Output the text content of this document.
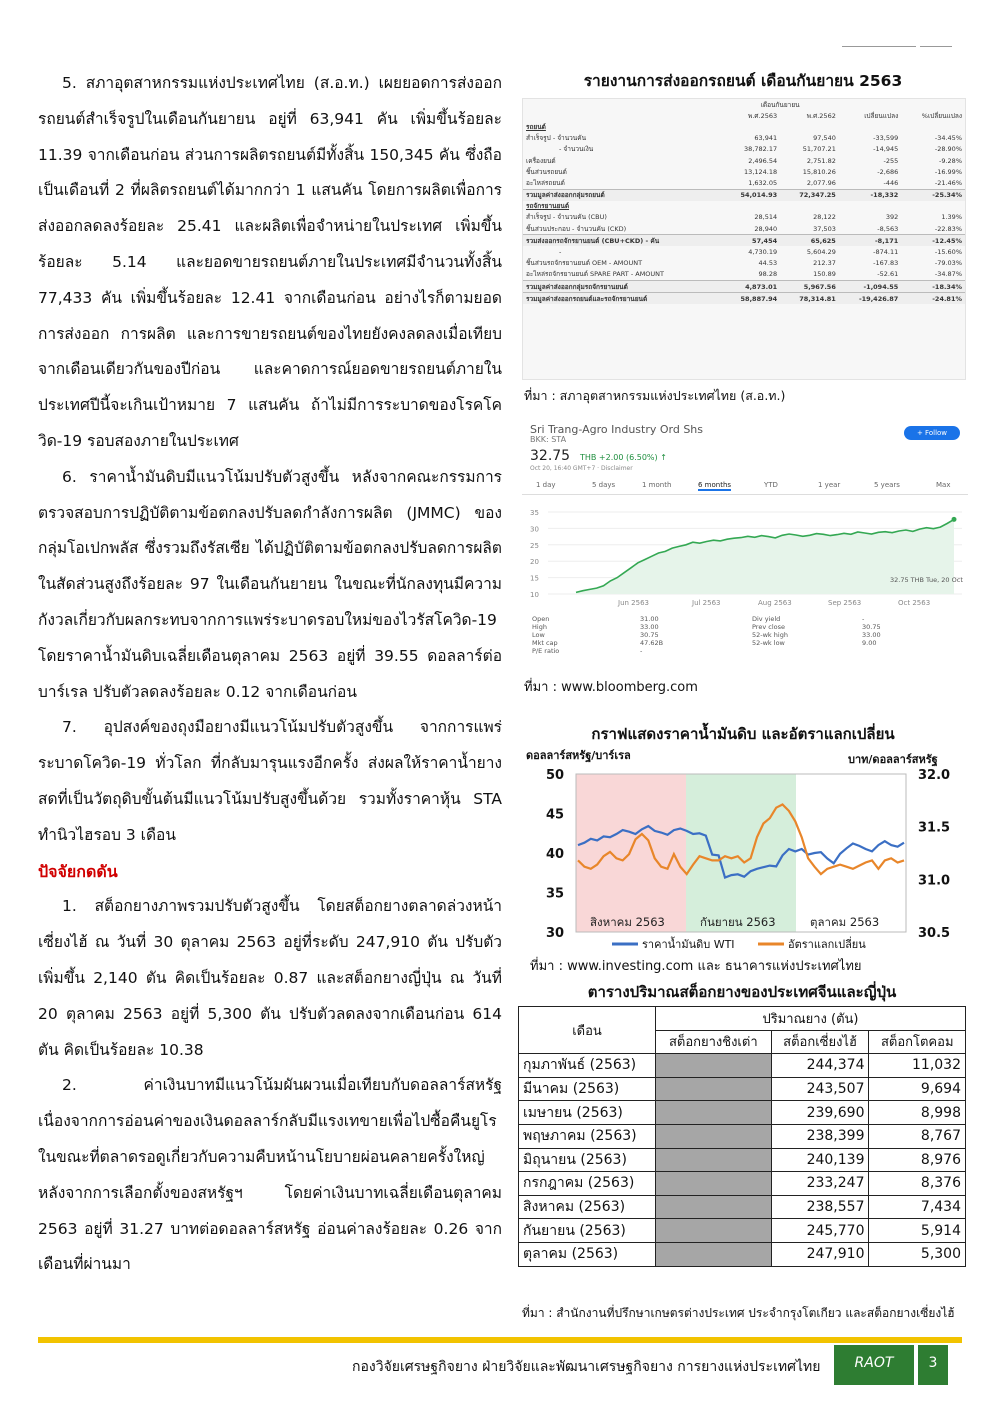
5. สภาอุตสาหกรรมแห่งประเทศไทย (ส.อ.ท.) เผยยอดการส่งออกรถยนต์สำเร็จรูปในเดือนกันยายน อยู่ที่ 63,941 คัน เพิ่มขึ้นร้อยละ 11.39 จากเดือนก่อน ส่วนการผลิตรถยนต์มีทั้งสิ้น 150,345 คัน ซึ่งถือเป็นเดือนที่ 2 ที่ผลิตรถยนต์ได้มากกว่า 1 แสนคัน โดยการผลิตเพื่อการส่งออกลดลงร้อยละ 25.41 และผลิตเพื่อจำหน่ายในประเทศ เพิ่มขึ้นร้อยละ 5.14 และยอดขายรถยนต์ภายในประเทศมีจำนวนทั้งสิ้น 77,433 คัน เพิ่มขึ้นร้อยละ 12.41 จากเดือนก่อน อย่างไรก็ตามยอดการส่งออก การผลิต และการขายรถยนต์ของไทยยังคงลดลงเมื่อเทียบจากเดือนเดียวกันของปีก่อน และคาดการณ์ยอดขายรถยนต์ภายในประเทศปีนี้จะเกินเป้าหมาย 7 แสนคัน ถ้าไม่มีการระบาดของโรคโควิด-19 รอบสองภายในประเทศ

6. ราคาน้ำมันดิบมีแนวโน้มปรับตัวสูงขึ้น หลังจากคณะกรรมการตรวจสอบการปฏิบัติตามข้อตกลงปรับลดกำลังการผลิต (JMMC) ของกลุ่มโอเปกพลัส ซึ่งรวมถึงรัสเซีย ได้ปฏิบัติตามข้อตกลงปรับลดการผลิตในสัดส่วนสูงถึงร้อยละ 97 ในเดือนกันยายน ในขณะที่นักลงทุนมีความกังวลเกี่ยวกับผลกระทบจากการแพร่ระบาดรอบใหม่ของไวรัสโควิด-19 โดยราคาน้ำมันดิบเฉลี่ยเดือนตุลาคม 2563 อยู่ที่ 39.55 ดอลลาร์ต่อบาร์เรล ปรับตัวลดลงร้อยละ 0.12 จากเดือนก่อน

7. อุปสงค์ของถุงมือยางมีแนวโน้มปรับตัวสูงขึ้น จากการแพร่ระบาดโควิด-19 ทั่วโลก ที่กลับมารุนแรงอีกครั้ง ส่งผลให้ราคาน้ำยางสดที่เป็นวัตถุดิบขั้นต้นมีแนวโน้มปรับสูงขึ้นด้วย รวมทั้งราคาหุ้น STA ทำนิวไฮรอบ 3 เดือน

ปัจจัยกดดัน

1. สต็อกยางภาพรวมปรับตัวสูงขึ้น โดยสต็อกยางตลาดล่วงหน้าเซี่ยงไฮ้ ณ วันที่ 30 ตุลาคม 2563 อยู่ที่ระดับ 247,910 ตัน ปรับตัวเพิ่มขึ้น 2,140 ตัน คิดเป็นร้อยละ 0.87 และสต็อกยางญี่ปุ่น ณ วันที่ 20 ตุลาคม 2563 อยู่ที่ 5,300 ตัน ปรับตัวลดลงจากเดือนก่อน 614 ตัน คิดเป็นร้อยละ 10.38

2. ค่าเงินบาทมีแนวโน้มผันผวนเมื่อเทียบกับดอลลาร์สหรัฐ เนื่องจากการอ่อนค่าของเงินดอลลาร์กลับมีแรงเทขายเพื่อไปซื้อคืนยูโร ในขณะที่ตลาดรอดูเกี่ยวกับความคืบหน้านโยบายผ่อนคลายครั้งใหญ่หลังจากการเลือกตั้งของสหรัฐฯ โดยค่าเงินบาทเฉลี่ยเดือนตุลาคม 2563 อยู่ที่ 31.27 บาทต่อดอลลาร์สหรัฐ อ่อนค่าลงร้อยละ 0.26 จากเดือนที่ผ่านมา

รายงานการส่งออกรถยนต์ เดือนกันยายน 2563
	เดือนกันยายน			
	พ.ศ.2563	พ.ศ.2562	เปลี่ยนแปลง	%เปลี่ยนแปลง
รถยนต์				
สำเร็จรูป - จำนวนคัน	63,941	97,540	-33,599	-34.45%
- จำนวนเงิน	38,782.17	51,707.21	-14,945	-28.90%
เครื่องยนต์	2,496.54	2,751.82	-255	-9.28%
ชิ้นส่วนรถยนต์	13,124.18	15,810.26	-2,686	-16.99%
อะไหล่รถยนต์	1,632.05	2,077.96	-446	-21.46%
รวมมูลค่าส่งออกกลุ่มรถยนต์	54,014.93	72,347.25	-18,332	-25.34%
รถจักรยานยนต์				
สำเร็จรูป - จำนวนคัน (CBU)	28,514	28,122	392	1.39%
ชิ้นส่วนประกอบ - จำนวนคัน (CKD)	28,940	37,503	-8,563	-22.83%
รวมส่งออกรถจักรยานยนต์ (CBU+CKD) - คัน	57,454	65,625	-8,171	-12.45%
-	4,730.19	5,604.29	-874.11	-15.60%
ชิ้นส่วนรถจักรยานยนต์ OEM - AMOUNT	44.53	212.37	-167.83	-79.03%
อะไหล่รถจักรยานยนต์ SPARE PART - AMOUNT	98.28	150.89	-52.61	-34.87%
รวมมูลค่าส่งออกกลุ่มรถจักรยานยนต์	4,873.01	5,967.56	-1,094.55	-18.34%
รวมมูลค่าส่งออกรถยนต์และรถจักรยานยนต์	58,887.94	78,314.81	-19,426.87	-24.81%
ที่มา : สภาอุตสาหกรรมแห่งประเทศไทย (ส.อ.ท.)
Sri Trang-Agro Industry Ord Shs
BKK: STA
32.75 THB +2.00 (6.50%) ↑
Oct 20, 16:40 GMT+7 · Disclaimer
+ Follow
1 day	5 days	1 month	6 months	YTD	1 year	5 years	Max
35
30
25
20
15
10
Jun 2563	Jul 2563	Aug 2563	Sep 2563	Oct 2563
32.75 THB Tue, 20 Oct
Open	31.00
High	33.00
Low	30.75
Mkt cap	47.62B
P/E ratio	-
Div yield	-
Prev close	30.75
52-wk high	33.00
52-wk low	9.00
ที่มา : www.bloomberg.com
กราฟแสดงราคาน้ำมันดิบ และอัตราแลกเปลี่ยน
ดอลลาร์สหรัฐ/บาร์เรล	บาท/ดอลลาร์สหรัฐ
สิงหาคม 2563	กันยายน 2563	ตุลาคม 2563
50
45
40
35
30
32.0
31.5
31.0
30.5
ราคาน้ำมันดิบ WTI	อัตราแลกเปลี่ยน
ที่มา : www.investing.com และ ธนาคารแห่งประเทศไทย
ตารางปริมาณสต็อกยางของประเทศจีนและญี่ปุ่น
เดือน	ปริมาณยาง (ตัน)		
	สต็อกยางชิงเต่า	สต็อกเซี่ยงไฮ้	สต็อกโตคอม
กุมภาพันธ์ (2563)		244,374	11,032
มีนาคม (2563)		243,507	9,694
เมษายน (2563)		239,690	8,998
พฤษภาคม (2563)		238,399	8,767
มิถุนายน (2563)		240,139	8,976
กรกฎาคม (2563)		233,247	8,376
สิงหาคม (2563)		238,557	7,434
กันยายน (2563)		245,770	5,914
ตุลาคม (2563)		247,910	5,300
ที่มา : สำนักงานที่ปรึกษาเกษตรต่างประเทศ ประจำกรุงโตเกียว และสต็อกยางเซี่ยงไฮ้
กองวิจัยเศรษฐกิจยาง ฝ่ายวิจัยและพัฒนาเศรษฐกิจยาง การยางแห่งประเทศไทย	RAOT	3
